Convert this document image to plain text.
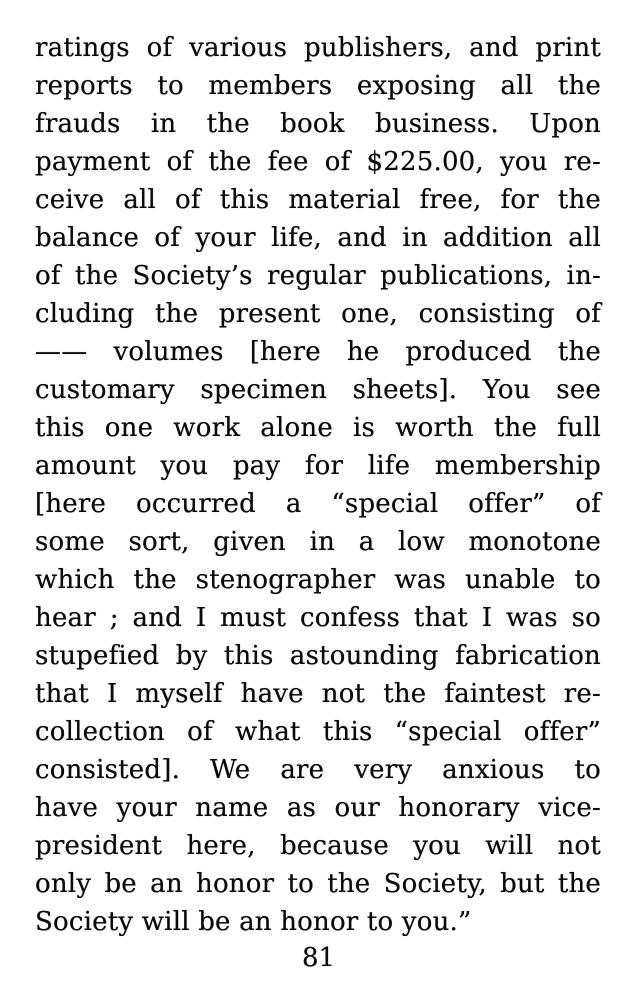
ratings of various publishers, and print
reports to members exposing all the
frauds in the book business. Upon
payment of the fee of $225.00, you re-
ceive all of this material free, for the
balance of your life, and in addition all
of the Society’s regular publications, in-
cluding the present one, consisting of
—— volumes [here he produced the
customary specimen sheets]. You see
this one work alone is worth the full
amount you pay for life membership
[here occurred a “special offer” of
some sort, given in a low monotone
which the stenographer was unable to
hear ; and I must confess that I was so
stupefied by this astounding fabrication
that I myself have not the faintest re-
collection of what this “special offer”
consisted]. We are very anxious to
have your name as our honorary vice-
president here, because you will not
only be an honor to the Society, but the
Society will be an honor to you.”
81
